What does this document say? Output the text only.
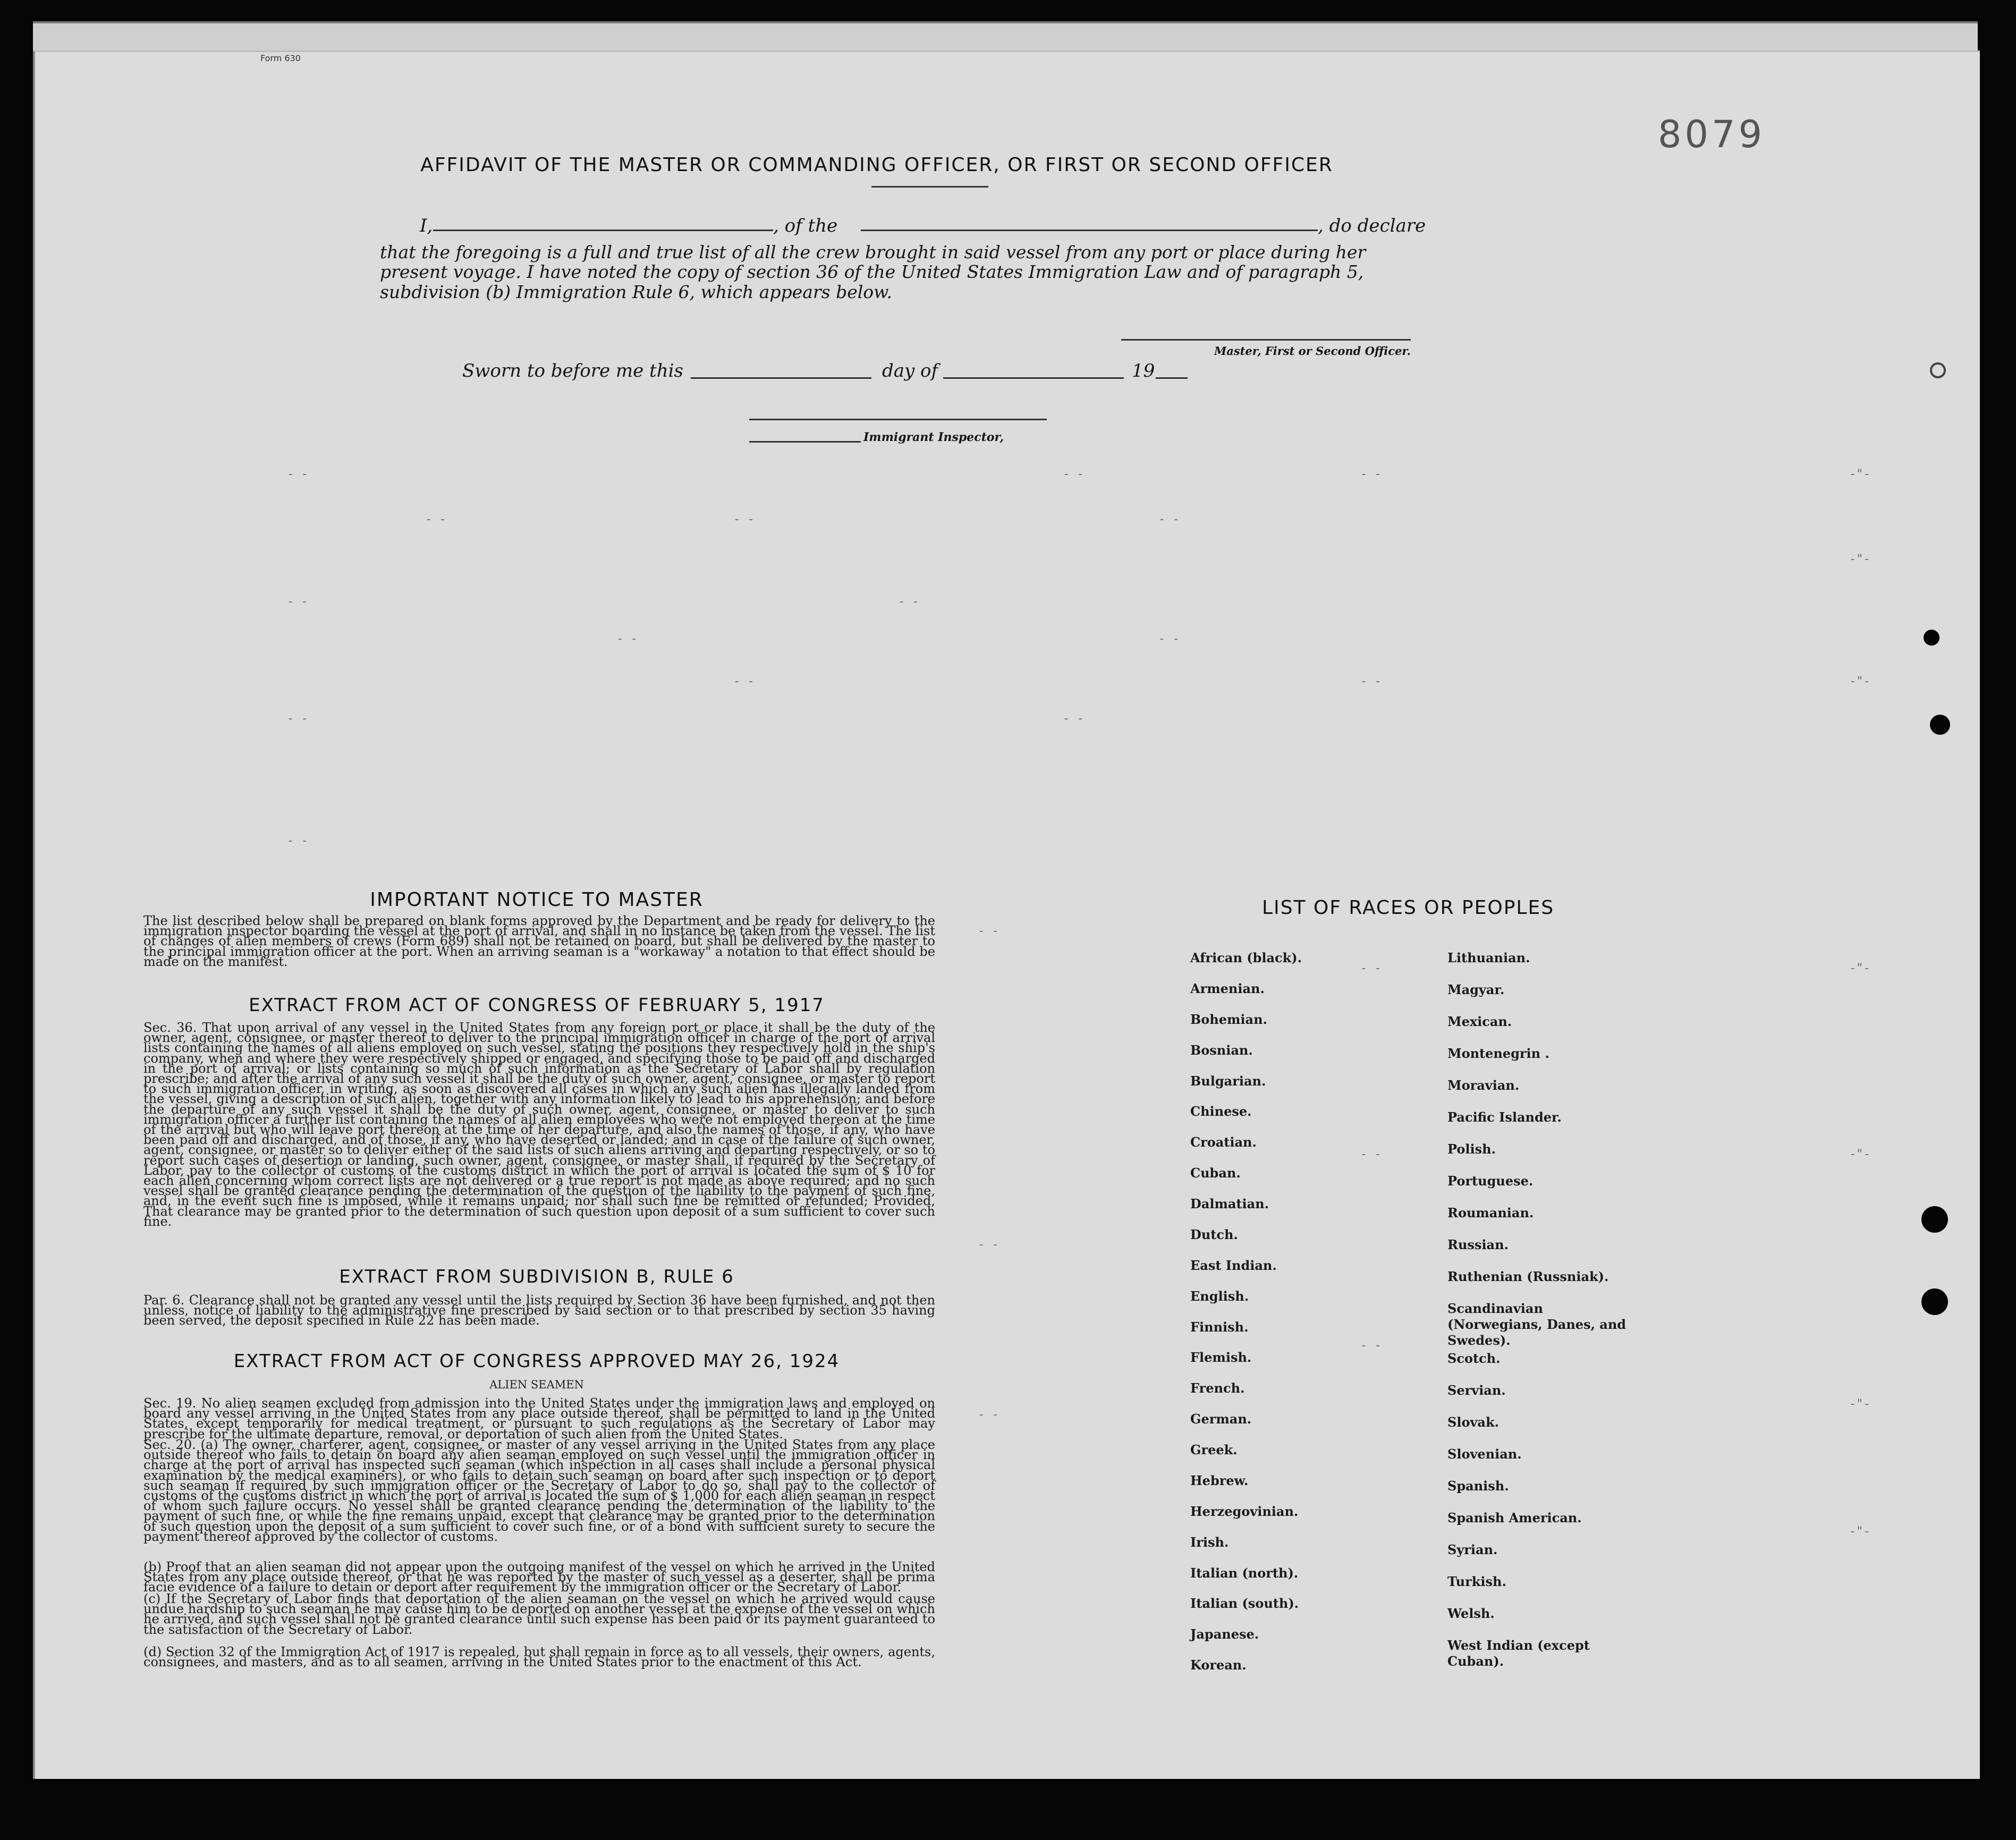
- -

- -	- -

- -

- -

- -	-"-

- -

- -

- -

- -

-"-

- -

- -

- -

- -	-"-

- -

- -

- -

- -

- -

- -

-"-

-"-

-"-

-"-

- -

8079

AFFIDAVIT OF THE MASTER OR COMMANDING OFFICER, OR FIRST OR SECOND OFFICER

I,	, of the	, do declare

that the foregoing is a full and true list of all the crew brought in said vessel from any port or place during her

present voyage. I have noted the copy of section 36 of the United States Immigration Law and of paragraph 5,

subdivision (b) Immigration Rule 6, which appears below.

Master, First or Second Officer.

Sworn to before me this	day of	19

Immigrant Inspector,

IMPORTANT NOTICE TO MASTER

The list described below shall be prepared on blank forms approved by the Department and be ready for delivery to the immigration inspector boarding the vessel at the port of arrival, and shall in no instance be taken from the vessel. The list of changes of alien members of crews (Form 689) shall not be retained on board, but shall be delivered by the master to the principal immigration officer at the port. When an arriving seaman is a "workaway" a notation to that effect should be made on the manifest.

EXTRACT FROM ACT OF CONGRESS OF FEBRUARY 5, 1917

Sec. 36. That upon arrival of any vessel in the United States from any foreign port or place it shall be the duty of the owner, agent, consignee, or master thereof to deliver to the principal immigration officer in charge of the port of arrival lists containing the names of all aliens employed on such vessel, stating the positions they respectively hold in the ship's company, when and where they were respectively shipped or engaged, and specifying those to be paid off and discharged in the port of arrival; or lists containing so much of such information as the Secretary of Labor shall by regulation prescribe; and after the arrival of any such vessel it shall be the duty of such owner, agent, consignee, or master to report to such immigration officer, in writing, as soon as discovered all cases in which any such alien has illegally landed from the vessel, giving a description of such alien, together with any information likely to lead to his apprehension; and before the departure of any such vessel it shall be the duty of such owner, agent, consignee, or master to deliver to such immigration officer a further list containing the names of all alien employees who were not employed thereon at the time of the arrival but who will leave port thereon at the time of her departure, and also the names of those, if any, who have been paid off and discharged, and of those, if any, who have deserted or landed; and in case of the failure of such owner, agent, consignee, or master so to deliver either of the said lists of such aliens arriving and departing respectively, or so to report such cases of desertion or landing, such owner, agent, consignee, or master shall, if required by the Secretary of Labor, pay to the collector of customs of the customs district in which the port of arrival is located the sum of $ 10 for each alien concerning whom correct lists are not delivered or a true report is not made as above required; and no such vessel shall be granted clearance pending the determination of the question of the liability to the payment of such fine, and, in the event such fine is imposed, while it remains unpaid; nor shall such fine be remitted or refunded; Provided, That clearance may be granted prior to the determination of such question upon deposit of a sum sufficient to cover such fine.

EXTRACT FROM SUBDIVISION B, RULE 6

Par. 6. Clearance shall not be granted any vessel until the lists required by Section 36 have been furnished, and not then unless, notice of liability to the administrative fine prescribed by said section or to that prescribed by section 35 having been served, the deposit specified in Rule 22 has been made.

EXTRACT FROM ACT OF CONGRESS APPROVED MAY 26, 1924

ALIEN SEAMEN

Sec. 19. No alien seamen excluded from admission into the United States under the immigration laws and employed on board any vessel arriving in the United States from any place outside thereof, shall be permitted to land in the United States, except temporarily for medical treatment, or pursuant to such regulations as the Secretary of Labor may prescribe for the ultimate departure, removal, or deportation of such alien from the United States.

Sec. 20. (a) The owner, charterer, agent, consignee, or master of any vessel arriving in the United States from any place outside thereof who fails to detain on board any alien seaman employed on such vessel until the immigration officer in charge at the port of arrival has inspected such seaman (which inspection in all cases shall include a personal physical examination by the medical examiners), or who fails to detain such seaman on board after such inspection or to deport such seaman if required by such immigration officer or the Secretary of Labor to do so, shall pay to the collector of customs of the customs district in which the port of arrival is located the sum of $ 1,000 for each alien seaman in respect of whom such failure occurs. No vessel shall be granted clearance pending the determination of the liability to the payment of such fine, or while the fine remains unpaid, except that clearance may be granted prior to the determination of such question upon the deposit of a sum sufficient to cover such fine, or of a bond with sufficient surety to secure the payment thereof approved by the collector of customs.

(b) Proof that an alien seaman did not appear upon the outgoing manifest of the vessel on which he arrived in the United States from any place outside thereof, or that he was reported by the master of such vessel as a deserter, shall be prima facie evidence of a failure to detain or deport after requirement by the immigration officer or the Secretary of Labor.

(c) If the Secretary of Labor finds that deportation of the alien seaman on the vessel on which he arrived would cause undue hardship to such seaman he may cause him to be deported on another vessel at the expense of the vessel on which he arrived, and such vessel shall not be granted clearance until such expense has been paid or its payment guaranteed to the satisfaction of the Secretary of Labor.

(d) Section 32 of the Immigration Act of 1917 is repealed, but shall remain in force as to all vessels, their owners, agents, consignees, and masters, and as to all seamen, arriving in the United States prior to the enactment of this Act.

LIST OF RACES OR PEOPLES

African (black).

Armenian.

Bohemian.

Bosnian.

Bulgarian.

Chinese.

Croatian.

Cuban.

Dalmatian.

Dutch.

East Indian.

English.

Finnish.

Flemish.

French.

German.

Greek.

Hebrew.

Herzegovinian.

Irish.

Italian (north).

Italian (south).

Japanese.

Korean.

Lithuanian.

Magyar.

Mexican.

Montenegrin .

Moravian.

Pacific Islander.

Polish.

Portuguese.

Roumanian.

Russian.

Ruthenian (Russniak).

Scandinavian (Norwegians, Danes, and Swedes).

Scotch.

Servian.

Slovak.

Slovenian.

Spanish.

Spanish American.

Syrian.

Turkish.

Welsh.

West Indian (except Cuban).

Form 630
